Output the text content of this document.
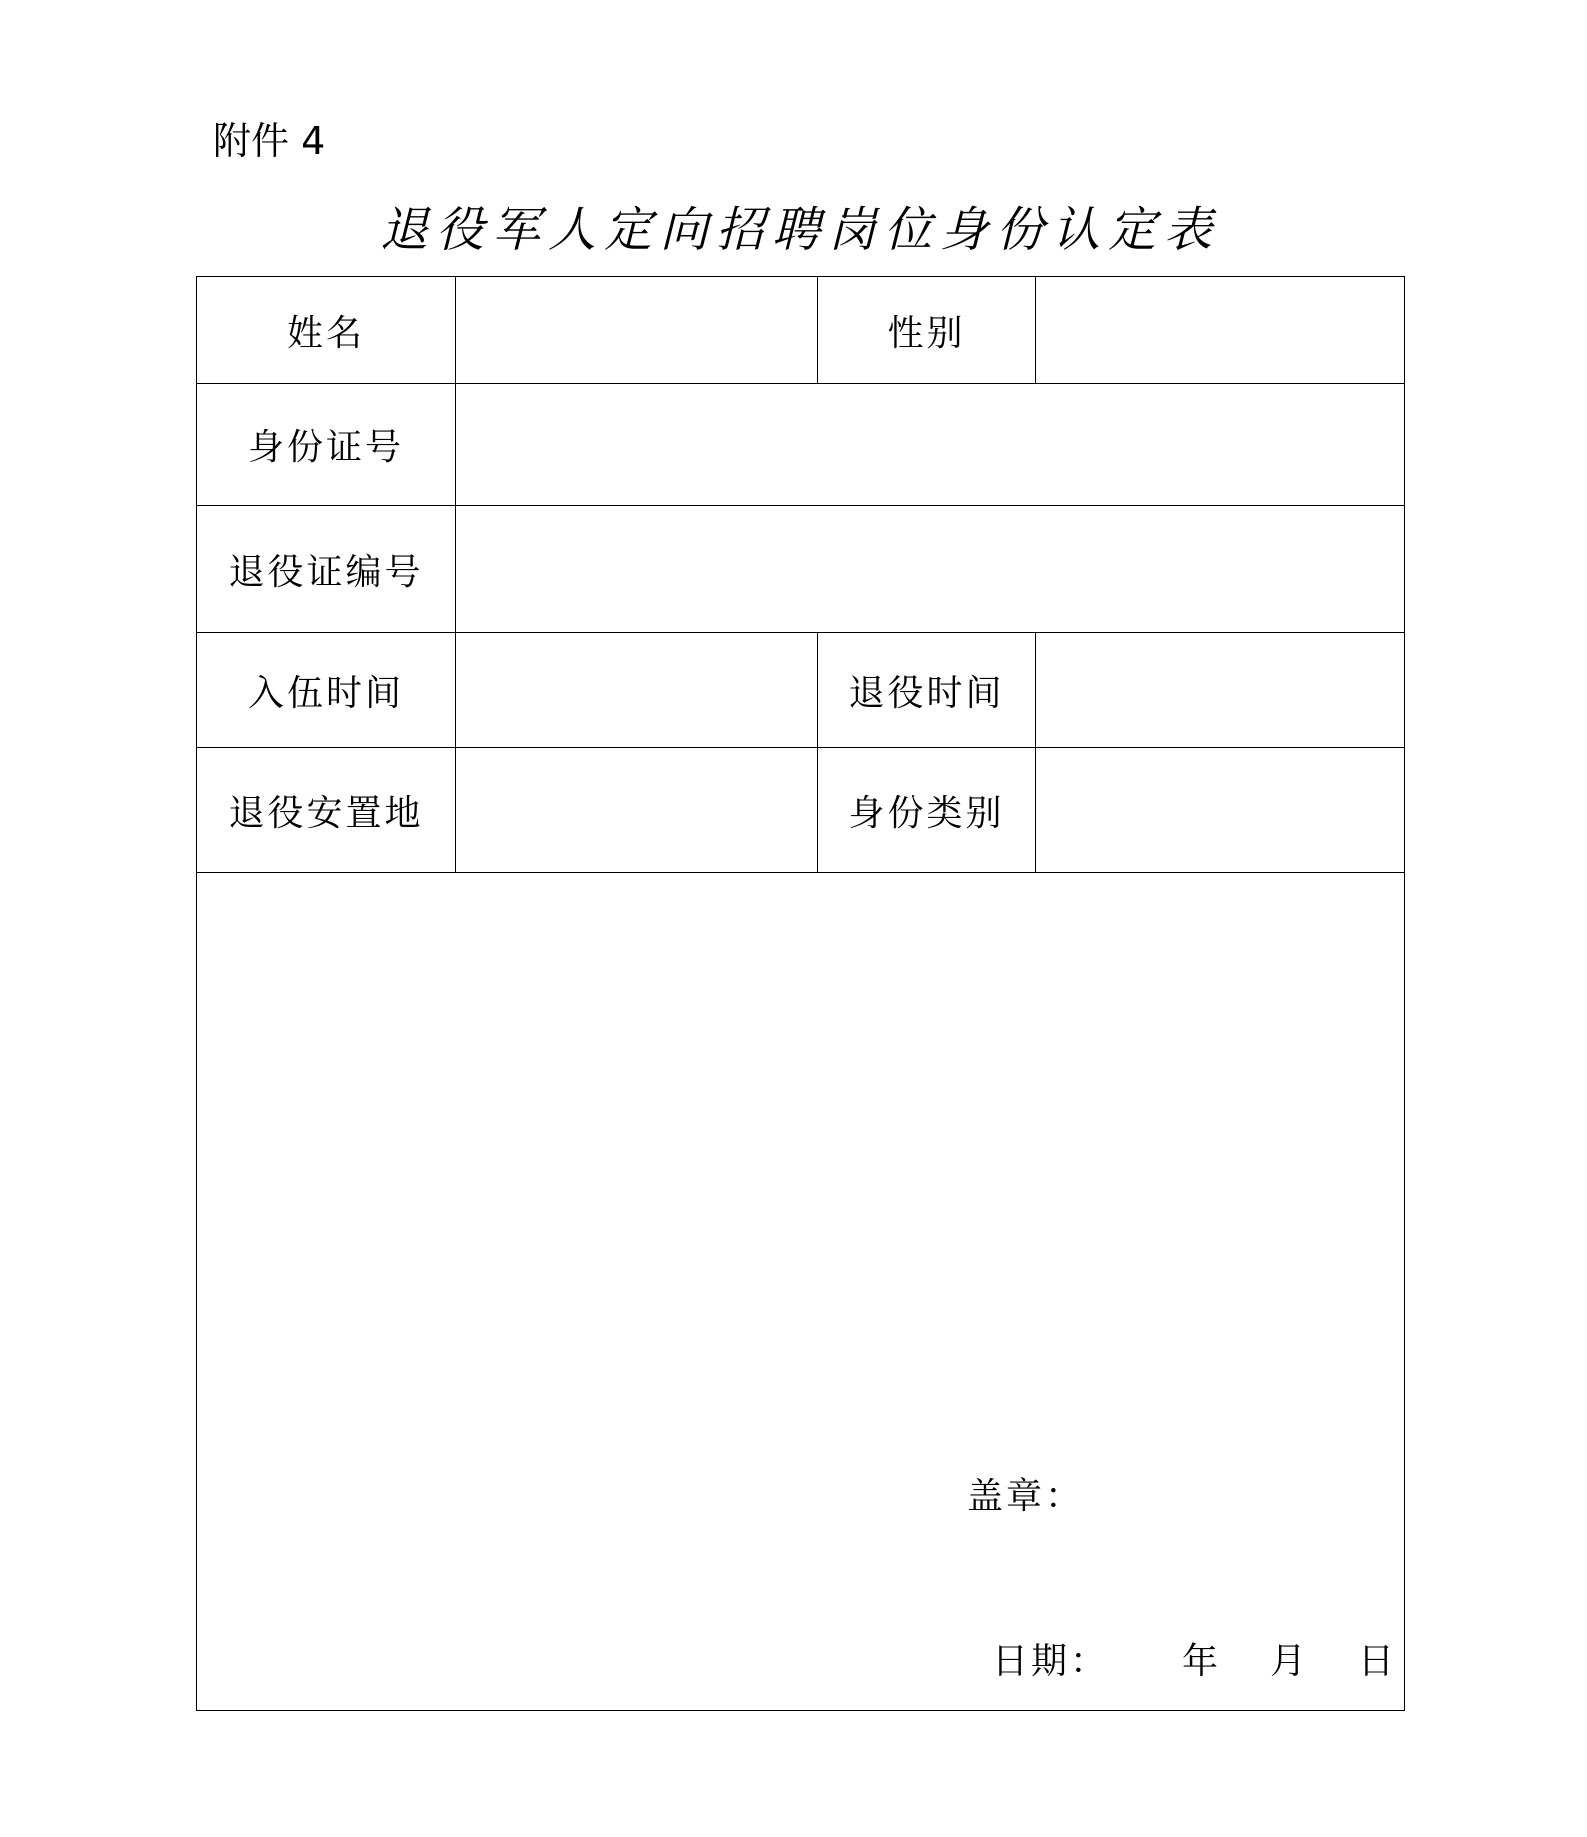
附件 4
退役军人定向招聘岗位身份认定表
姓名		性别	
身份证号			
退役证编号			
入伍时间		退役时间	
退役安置地		身份类别	

盖章：
日期： 年 月 日			
